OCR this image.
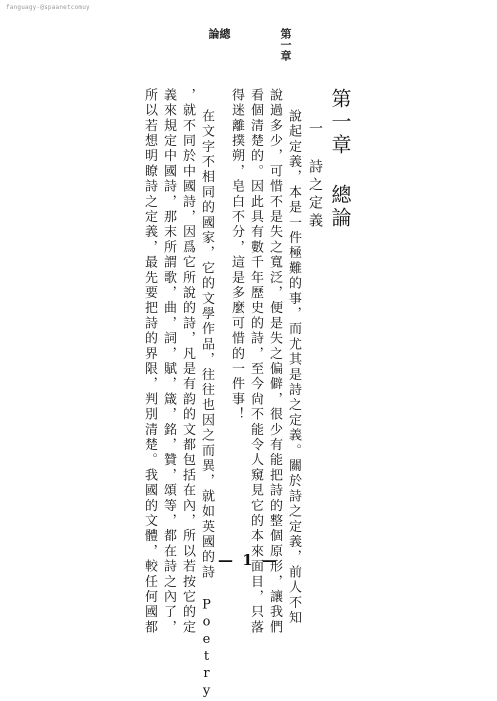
fanguagy-@spaanetcomuy
第一章
總論
第一章 總論
一 詩之定義
說起定義，本是一件極難的事，而尤其是詩之定義。關於詩之定義，前人不知
說過多少，可惜不是失之寬泛，便是失之偏僻，很少有能把詩的整個原形，讓我們
看個清楚的。因此具有數千年歷史的詩，至今尙不能令人窺見它的本來面目，只落
得迷離撲朔，皂白不分，這是多麼可惜的一件事！
在文字不相同的國家，它的文學作品，往往也因之而異，就如英國的詩 Poetry
，就不同於中國詩，因爲它所說的詩，凡是有韵的文都包括在內，所以若按它的定
義來規定中國詩，那末所謂歌，曲，詞，賦，箴，銘，贊，頌等，都在詩之內了，
所以若想明瞭詩之定義，最先要把詩的界限，判別清楚。我國的文體，較任何國都	— 1 —
